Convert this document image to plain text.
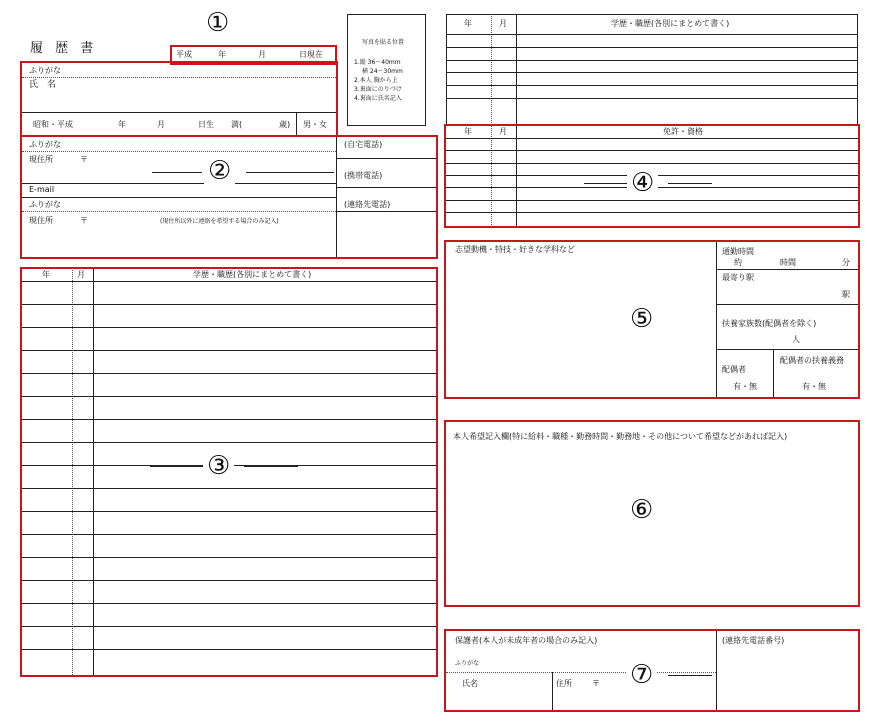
履 歴 書	平成	年	月	日現在
写真を貼る位置
1.縦 36〜40mm
横 24〜30mm
2.本人 胸から上
3.裏面にのりづけ
4.裏面に氏名記入
ふりがな
氏　名
昭和・平成	年	月	日生 満(	歳) 男・女
ふりがな
現住所	〒
(自宅電話)
(携帯電話)
E-mail
ふりがな	(連絡先電話)
現住所	〒	(現住所以外に連絡を希望する場合のみ記入)
年	月	学歴・職歴(各別にまとめて書く)
年	月	学歴・職歴(各別にまとめて書く)
年	月	免許・資格
志望動機・特技・好きな学科など	通勤時間
約	時間	分
最寄り駅
駅
扶養家族数(配偶者を除く)
人
配偶者
有・無
配偶者の扶養義務
有・無
本人希望記入欄(特に給料・職種・勤務時間・勤務地・その他について希望などがあれば記入)
保護者(本人が未成年者の場合のみ記入)
ふりがな
氏名	住所	〒
(連絡先電話番号)
①
②
③
④
⑤
⑥
⑦
